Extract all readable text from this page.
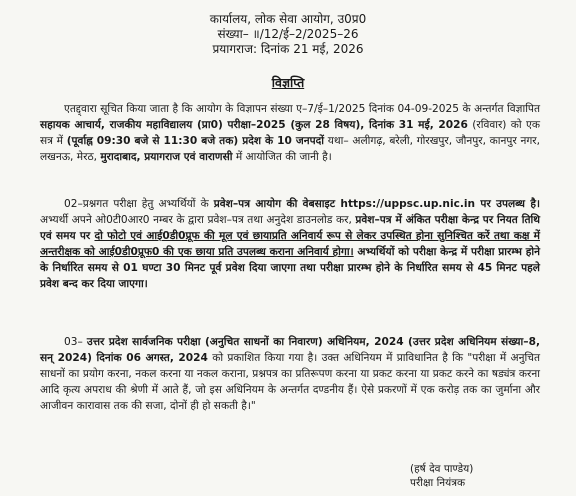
कार्यालय, लोक सेवा आयोग, उ0प्र0
संख्या– ॥/12/ई–2/2025–26
प्रयागराज: दिनांक 21 मई, 2026
विज्ञप्ति

एतद्द्वारा सूचित किया जाता है कि आयोग के विज्ञापन संख्या ए–7/ई–1/2025 दिनांक 04-09-2025 के अन्तर्गत विज्ञापित सहायक आचार्य, राजकीय महाविद्यालय (प्रा0) परीक्षा–2025 (कुल 28 विषय), दिनांक 31 मई, 2026 (रविवार) को एक सत्र में (पूर्वाह्न 09:30 बजे से 11:30 बजे तक) प्रदेश के 10 जनपदों यथा– अलीगढ़, बरेली, गोरखपुर, जौनपुर, कानपुर नगर, लखनऊ, मेरठ, मुरादाबाद, प्रयागराज एवं वाराणसी में आयोजित की जानी है।

02–प्रश्नगत परीक्षा हेतु अभ्यर्थियों के प्रवेश–पत्र आयोग की वेबसाइट https://uppsc.up.nic.in पर उपलब्ध है। अभ्यर्थी अपने ओ0टी0आर0 नम्बर के द्वारा प्रवेश–पत्र तथा अनुदेश डाउनलोड कर, प्रवेश–पत्र में अंकित परीक्षा केन्द्र पर नियत तिथि एवं समय पर दो फोटो एवं आई0डी0प्रूफ की मूल एवं छायाप्रति अनिवार्य रूप से लेकर उपस्थित होना सुनिश्चित करें तथा कक्ष में अन्तरीक्षक को आई0डी0प्रूफ0 की एक छाया प्रति उपलब्ध कराना अनिवार्य होगा। अभ्यर्थियों को परीक्षा केन्द्र में परीक्षा प्रारम्भ होने के निर्धारित समय से 01 घण्टा 30 मिनट पूर्व प्रवेश दिया जाएगा तथा परीक्षा प्रारम्भ होने के निर्धारित समय से 45 मिनट पहले प्रवेश बन्द कर दिया जाएगा।

03– उत्तर प्रदेश सार्वजनिक परीक्षा (अनुचित साधनों का निवारण) अधिनियम, 2024 (उत्तर प्रदेश अधिनियम संख्या–8, सन् 2024) दिनांक 06 अगस्त, 2024 को प्रकाशित किया गया है। उक्त अधिनियम में प्राविधानित है कि "परीक्षा में अनुचित साधनों का प्रयोग करना, नकल करना या नकल कराना, प्रश्नपत्र का प्रतिरूपण करना या प्रकट करना या प्रकट करने का षड्यंत्र करना आदि कृत्य अपराध की श्रेणी में आते हैं, जो इस अधिनियम के अन्तर्गत दण्डनीय हैं। ऐसे प्रकरणों में एक करोड़ तक का जुर्माना और आजीवन कारावास तक की सजा, दोनों ही हो सकती है।"

(हर्ष देव पाण्डेय)
परीक्षा नियंत्रक
